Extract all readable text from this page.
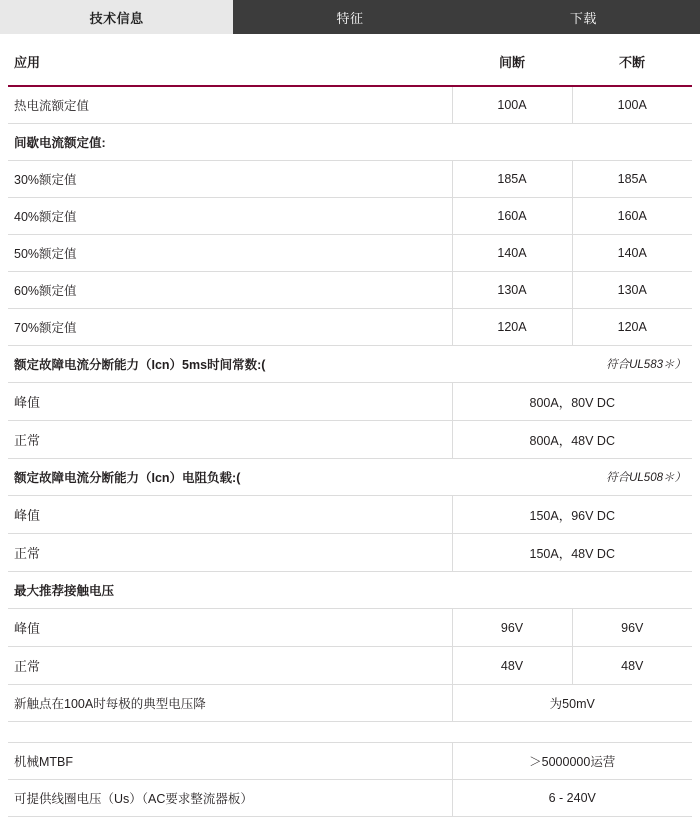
技术信息	特征	下载
应用	间断	不断
热电流额定值	100A	100A
间歇电流额定值:		
30%额定值	185A	185A
40%额定值	160A	160A
50%额定值	140A	140A
60%额定值	130A	130A
70%额定值	120A	120A
额定故障电流分断能力（Icn）5ms时间常数:(	符合UL583＊）	

峰值	800A，80V DC	
正常	800A，48V DC	
额定故障电流分断能力（Icn）电阻负载:(	符合UL508＊）	

峰值	150A，96V DC	
正常	150A，48V DC	
最大推荐接触电压		
峰值	96V	96V
正常	48V	48V
新触点在100A时每极的典型电压降	为50mV	

机械MTBF	＞5000000运营	
可提供线圈电压（Us）（AC要求整流器板）	6 - 240V	
